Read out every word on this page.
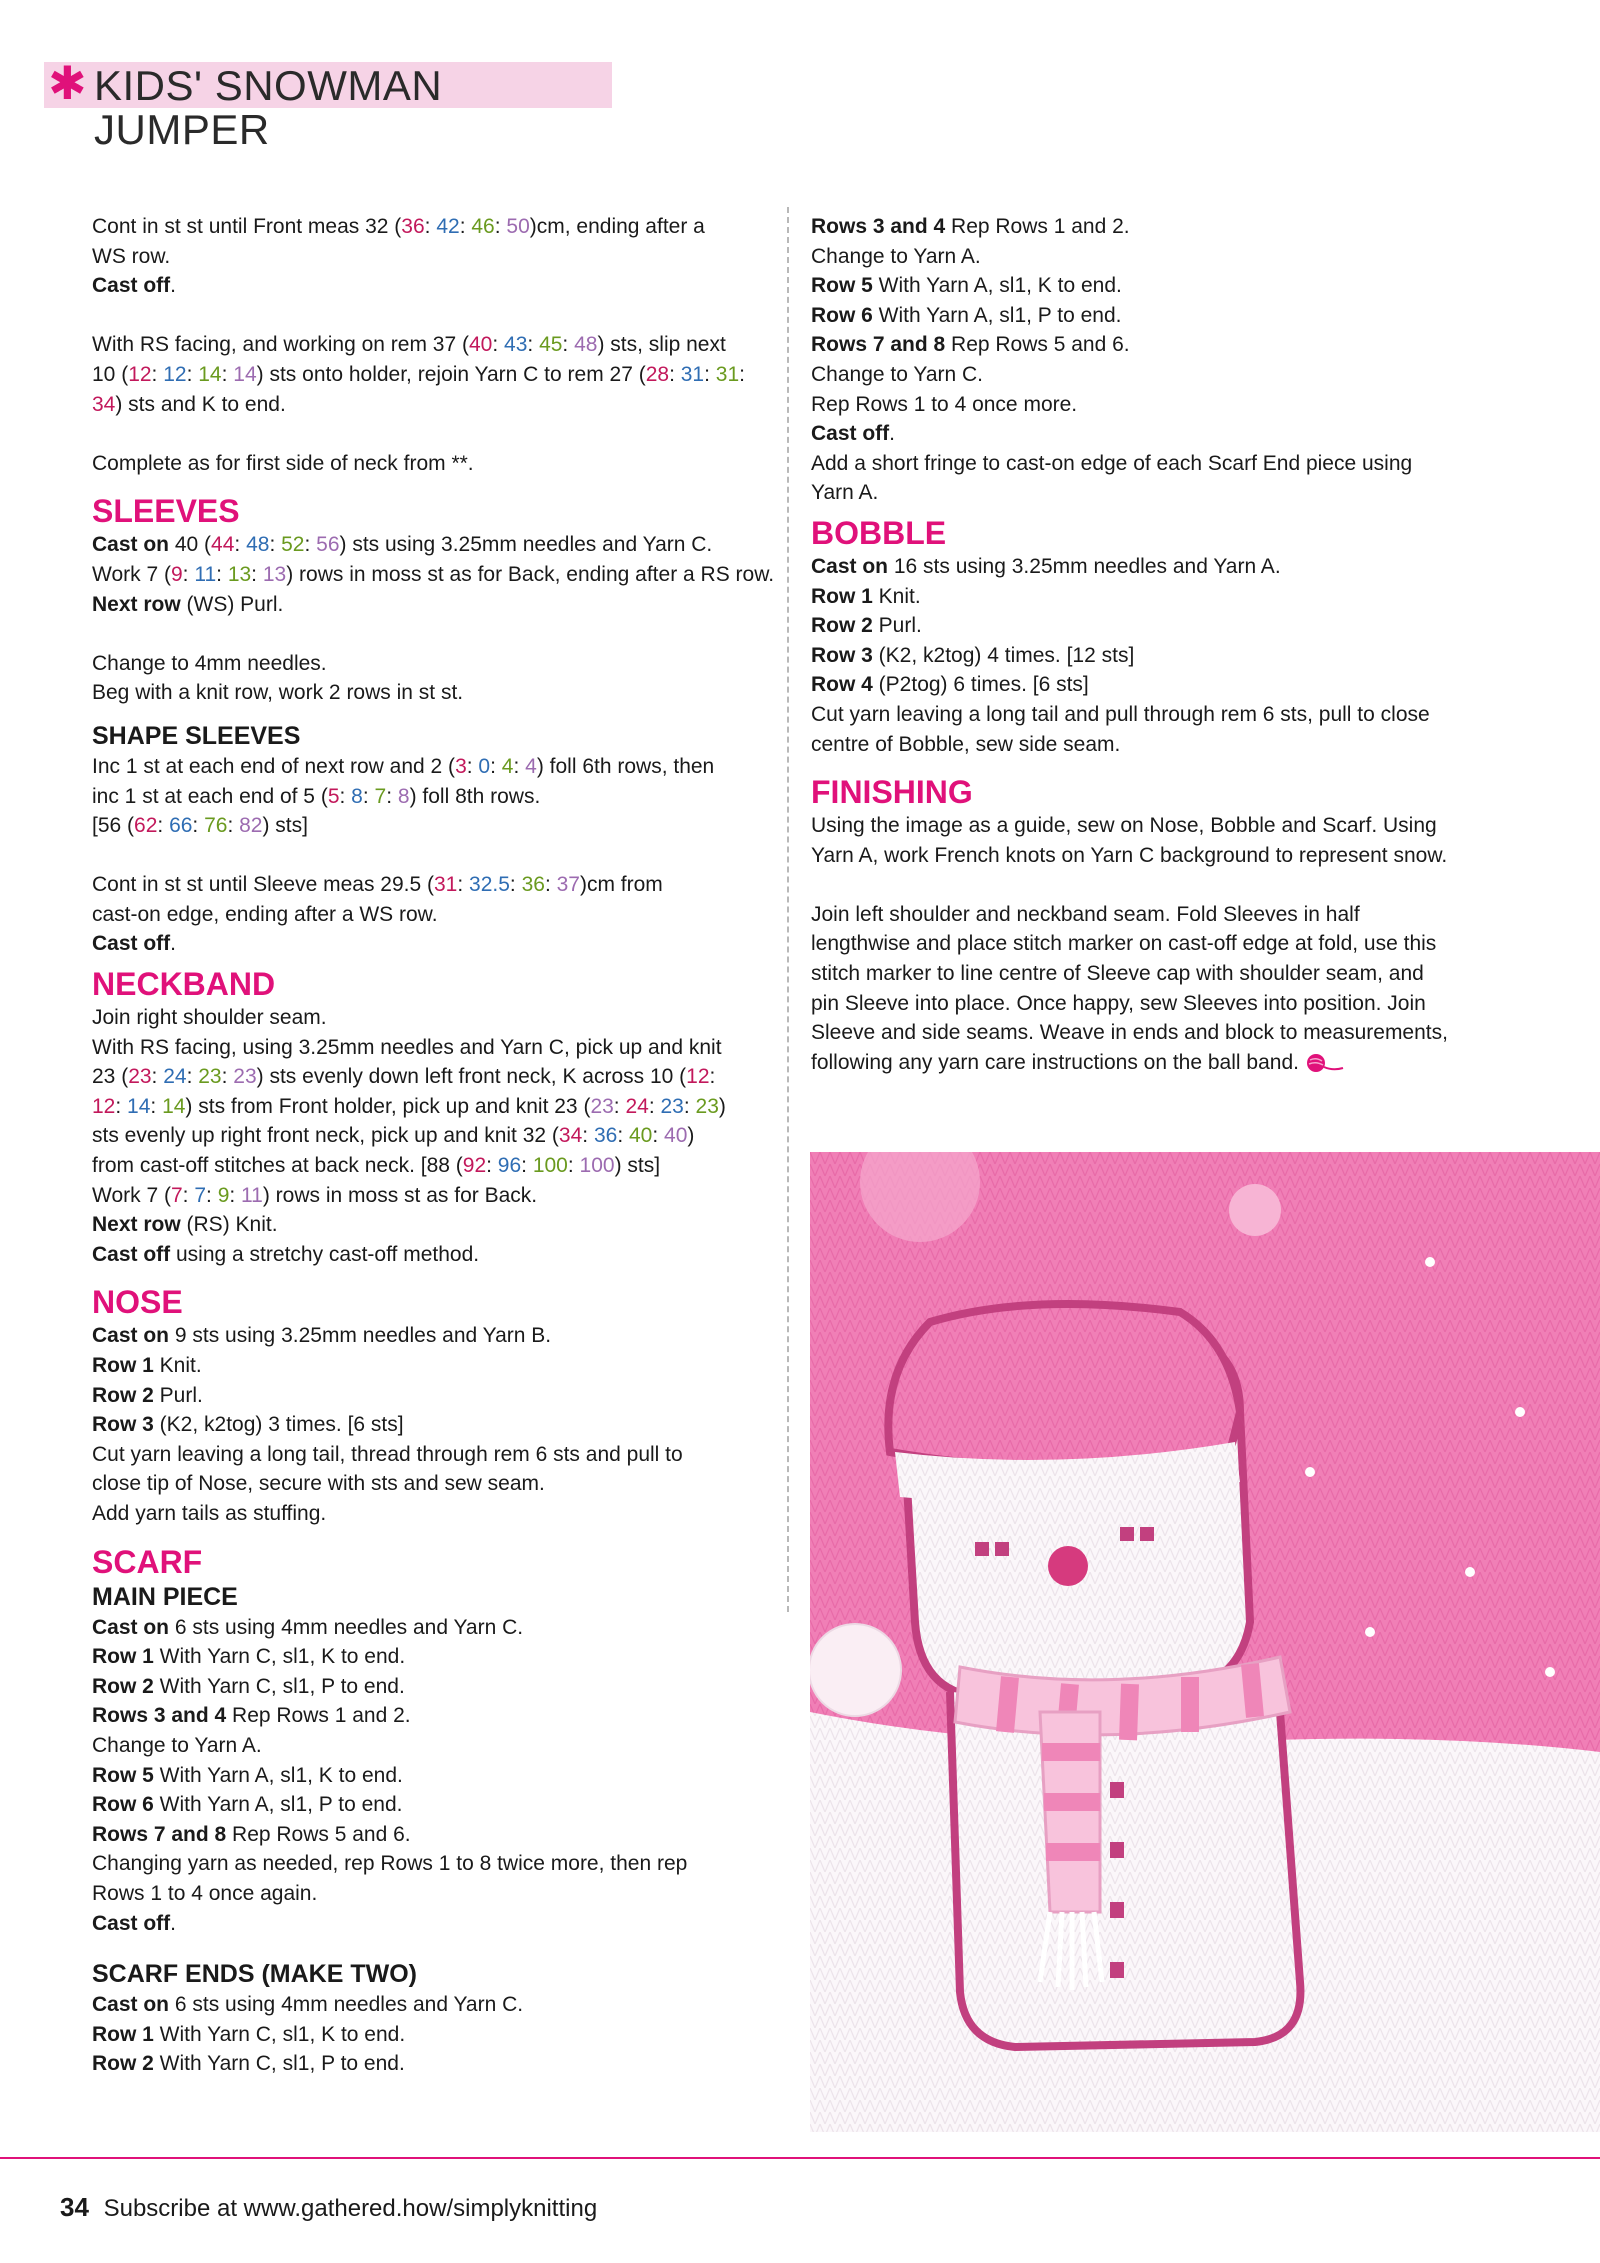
✱ KIDS' SNOWMAN JUMPER
Cont in st st until Front meas 32 (36: 42: 46: 50)cm, ending after a
WS row.
Cast off.
With RS facing, and working on rem 37 (40: 43: 45: 48) sts, slip next
10 (12: 12: 14: 14) sts onto holder, rejoin Yarn C to rem 27 (28: 31: 31:
34) sts and K to end.
Complete as for first side of neck from **.
SLEEVES
Cast on 40 (44: 48: 52: 56) sts using 3.25mm needles and Yarn C.
Work 7 (9: 11: 13: 13) rows in moss st as for Back, ending after a RS row.
Next row (WS) Purl.
Change to 4mm needles.
Beg with a knit row, work 2 rows in st st.
SHAPE SLEEVES
Inc 1 st at each end of next row and 2 (3: 0: 4: 4) foll 6th rows, then
inc 1 st at each end of 5 (5: 8: 7: 8) foll 8th rows.
[56 (62: 66: 76: 82) sts]
Cont in st st until Sleeve meas 29.5 (31: 32.5: 36: 37)cm from
cast-on edge, ending after a WS row.
Cast off.
NECKBAND
Join right shoulder seam.
With RS facing, using 3.25mm needles and Yarn C, pick up and knit
23 (23: 24: 23: 23) sts evenly down left front neck, K across 10 (12:
12: 14: 14) sts from Front holder, pick up and knit 23 (23: 24: 23: 23)
sts evenly up right front neck, pick up and knit 32 (34: 36: 40: 40)
from cast-off stitches at back neck. [88 (92: 96: 100: 100) sts]
Work 7 (7: 7: 9: 11) rows in moss st as for Back.
Next row (RS) Knit.
Cast off using a stretchy cast-off method.
NOSE
Cast on 9 sts using 3.25mm needles and Yarn B.
Row 1 Knit.
Row 2 Purl.
Row 3 (K2, k2tog) 3 times. [6 sts]
Cut yarn leaving a long tail, thread through rem 6 sts and pull to
close tip of Nose, secure with sts and sew seam.
Add yarn tails as stuffing.
SCARF
MAIN PIECE
Cast on 6 sts using 4mm needles and Yarn C.
Row 1 With Yarn C, sl1, K to end.
Row 2 With Yarn C, sl1, P to end.
Rows 3 and 4 Rep Rows 1 and 2.
Change to Yarn A.
Row 5 With Yarn A, sl1, K to end.
Row 6 With Yarn A, sl1, P to end.
Rows 7 and 8 Rep Rows 5 and 6.
Changing yarn as needed, rep Rows 1 to 8 twice more, then rep
Rows 1 to 4 once again.
Cast off.
SCARF ENDS (MAKE TWO)
Cast on 6 sts using 4mm needles and Yarn C.
Row 1 With Yarn C, sl1, K to end.
Row 2 With Yarn C, sl1, P to end.
Rows 3 and 4 Rep Rows 1 and 2.
Change to Yarn A.
Row 5 With Yarn A, sl1, K to end.
Row 6 With Yarn A, sl1, P to end.
Rows 7 and 8 Rep Rows 5 and 6.
Change to Yarn C.
Rep Rows 1 to 4 once more.
Cast off.
Add a short fringe to cast-on edge of each Scarf End piece using
Yarn A.
BOBBLE
Cast on 16 sts using 3.25mm needles and Yarn A.
Row 1 Knit.
Row 2 Purl.
Row 3 (K2, k2tog) 4 times. [12 sts]
Row 4 (P2tog) 6 times. [6 sts]
Cut yarn leaving a long tail and pull through rem 6 sts, pull to close
centre of Bobble, sew side seam.
FINISHING
Using the image as a guide, sew on Nose, Bobble and Scarf. Using
Yarn A, work French knots on Yarn C background to represent snow.
Join left shoulder and neckband seam. Fold Sleeves in half
lengthwise and place stitch marker on cast-off edge at fold, use this
stitch marker to line centre of Sleeve cap with shoulder seam, and
pin Sleeve into place. Once happy, sew Sleeves into position. Join
Sleeve and side seams. Weave in ends and block to measurements,
following any yarn care instructions on the ball band.
34 Subscribe at www.gathered.how/simplyknitting
